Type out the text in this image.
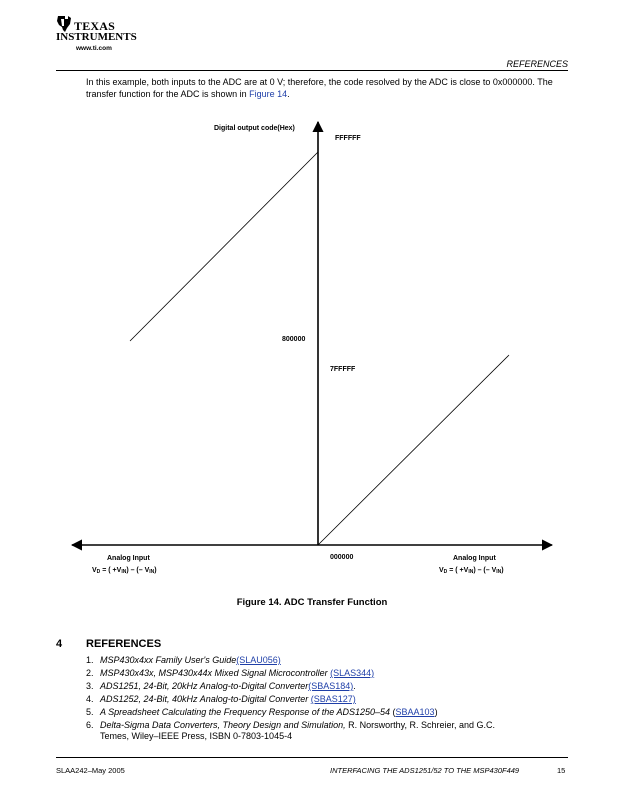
TEXAS
INSTRUMENTS
www.ti.com
REFERENCES
In this example, both inputs to the ADC are at 0 V; therefore, the code resolved by the ADC is close to 0x000000. The transfer function for the ADC is shown in Figure 14.
Digital output code(Hex)
FFFFFF
800000
7FFFFF
000000
Analog Input
VD = ( +VIN) – (– VIN)
Analog Input
VD = ( +VIN) – (– VIN)
Figure 14. ADC Transfer Function
4 REFERENCES
1. MSP430x4xx Family User's Guide(SLAU056)
2. MSP430x43x, MSP430x44x Mixed Signal Microcontroller (SLAS344)
3. ADS1251, 24-Bit, 20kHz Analog-to-Digital Converter(SBAS184).
4. ADS1252, 24-Bit, 40kHz Analog-to-Digital Converter (SBAS127)
5. A Spreadsheet Calculating the Frequency Response of the ADS1250–54 (SBAA103)
6. Delta-Sigma Data Converters, Theory Design and Simulation, R. Norsworthy, R. Schreier, and G.C.
Temes, Wiley–IEEE Press, ISBN 0-7803-1045-4
SLAA242–May 2005	INTERFACING THE ADS1251/52 TO THE MSP430F449	15
